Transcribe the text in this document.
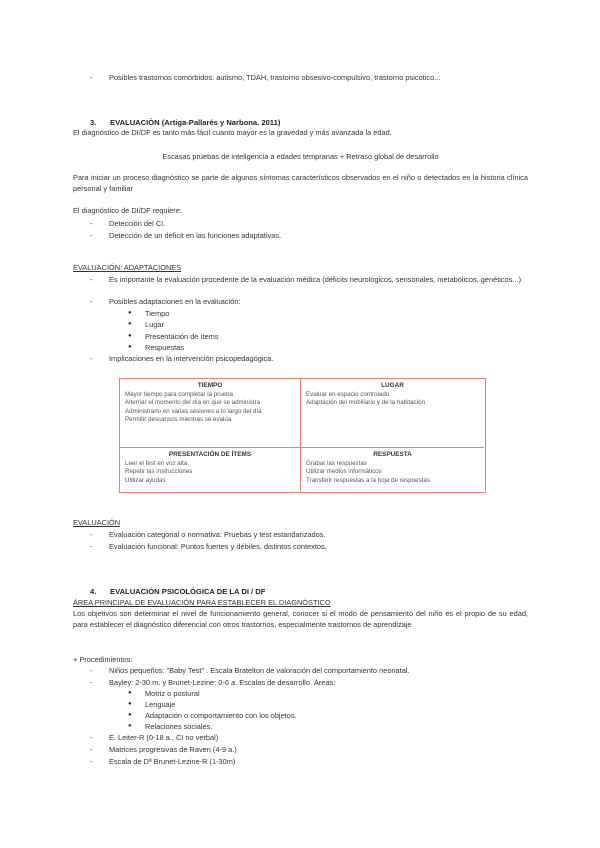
- Posibles trastornos comórbidos: autismo, TDAH, trastorno obsesivo-compulsivo, trastorno psicótico...
3. EVALUACIÓN (Artiga-Pallarés y Narbona. 2011)
El diagnóstico de DI/DF es tanto más fácil cuanto mayor es la gravedad y más avanzada la edad.
Escasas pruebas de inteligencia a edades tempranas + Retraso global de desarrollo
Para iniciar un proceso diagnóstico se parte de algunos síntomas característicos observados en el niño o detectados en la historia clínica personal y familiar
El diagnóstico de DI/DF requiere:
- Detección del CI.
- Detección de un déficit en las funciones adaptativas.
EVALUACIÓN: ADAPTACIONES
- Es importante la evaluación procedente de la evaluación médica (déficits neurológicos, sensoriales, metabólicos, genéticos...)
- Posibles adaptaciones en la evaluación:
● Tiempo
● Lugar
● Presentación de ítems
● Respuestas
- Implicaciones en la intervención psicopedagógica.
TIEMPO
Mayor tiempo para completar la prueba
Alternar el momento del día en que se administra
Administrarlo en varias sesiones a lo largo del día
Permitir descansos mientras se evalúa
LUGAR
Evaluar en espacio controlado
Adaptación del mobiliario y de la habitación
PRESENTACIÓN DE ÍTEMS
Leer el test en voz alta
Repetir las instrucciones
Utilizar ayudas
RESPUESTA
Grabar las respuestas
Utilizar medios informáticos
Transferir respuestas a la hoja de respuestas
EVALUACIÓN
- Evaluación categorial o normativa: Pruebas y test estandarizados.
- Evaluación funcional: Puntos fuertes y débiles, distintos contextos.
4. EVALUACIÓN PSICOLÓGICA DE LA DI / DF
ÁREA PRINCIPAL DE EVALUACIÓN PARA ESTABLECER EL DIAGNÓSTICO
Los objetivos son determinar el nivel de funcionamiento general, conocer si el modo de pensamiento del niño es el propio de su edad, para establecer el diagnóstico diferencial con otros trastornos, especialmente trastornos de aprendizaje
+ Procedimientos:
- Niños pequeños: "Baby Test" . Escala Bratelton de valoración del comportamiento neonatal.
- Bayley: 2-30 m. y Brunet-Lezine: 0-6 a. Escalas de desarrollo. Áreas:
● Motriz o postural
● Lenguaje
● Adaptación o comportamiento con los objetos.
● Relaciones sociales.
- E. Leiter-R (0-18 a., CI no verbal)
- Matrices progresivas de Raven (4-9 a.)
- Escala de Dª Brunet-Lezine-R (1-30m)
